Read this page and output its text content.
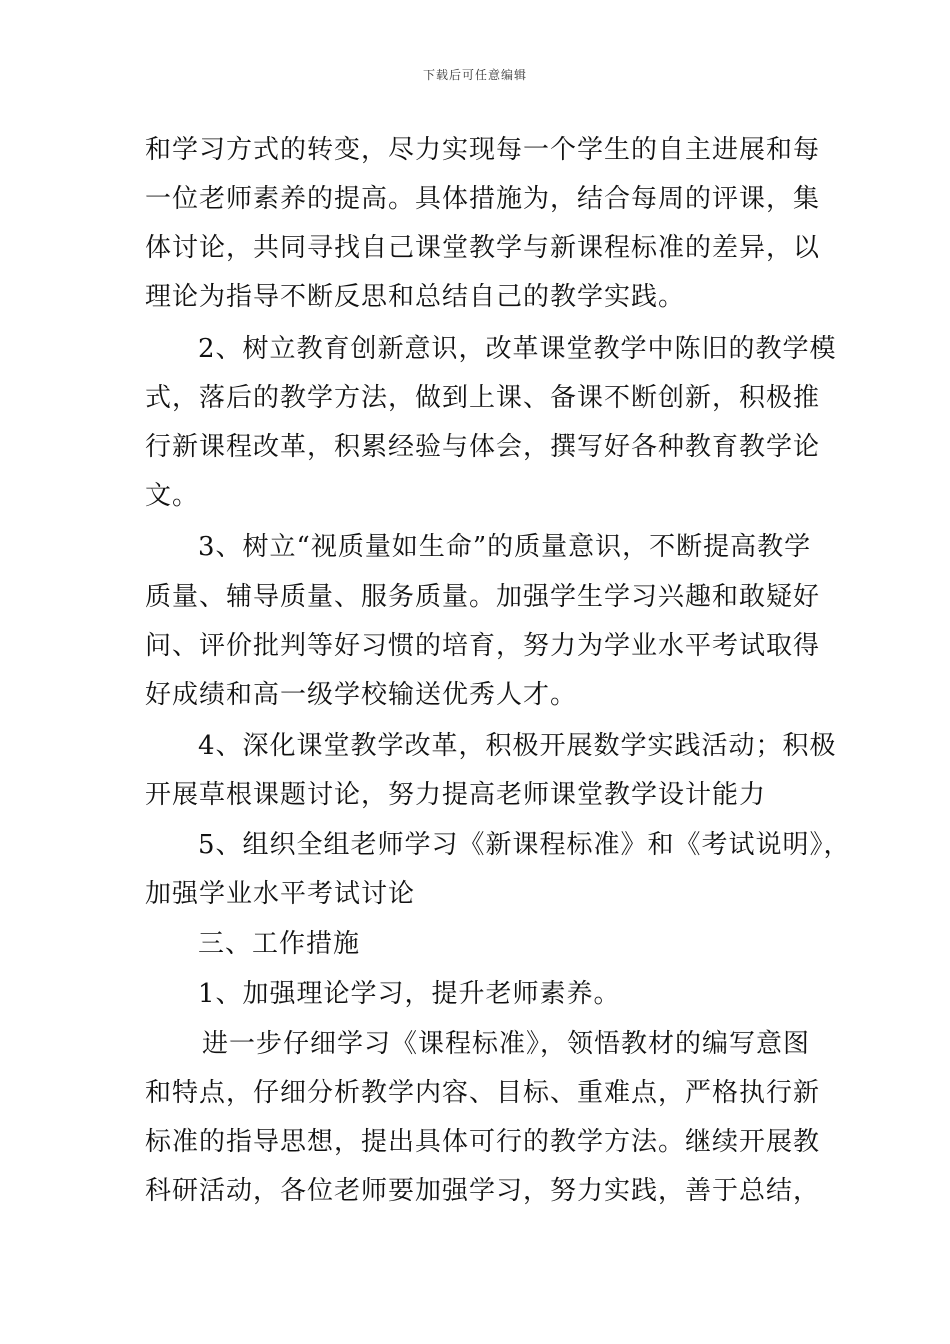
下载后可任意编辑
和学习方式的转变，尽力实现每一个学生的自主进展和每
一位老师素养的提高。具体措施为，结合每周的评课，集
体讨论，共同寻找自己课堂教学与新课程标准的差异，以
理论为指导不断反思和总结自己的教学实践。
2、树立教育创新意识，改革课堂教学中陈旧的教学模
式，落后的教学方法，做到上课、备课不断创新，积极推
行新课程改革，积累经验与体会，撰写好各种教育教学论
文。
3、树立“视质量如生命”的质量意识，不断提高教学
质量、辅导质量、服务质量。加强学生学习兴趣和敢疑好
问、评价批判等好习惯的培育，努力为学业水平考试取得
好成绩和高一级学校输送优秀人才。
4、深化课堂教学改革，积极开展数学实践活动；积极
开展草根课题讨论，努力提高老师课堂教学设计能力
5、组织全组老师学习《新课程标准》和《考试说明》，
加强学业水平考试讨论
三、工作措施
1、加强理论学习，提升老师素养。
进一步仔细学习《课程标准》，领悟教材的编写意图
和特点，仔细分析教学内容、目标、重难点，严格执行新
标准的指导思想，提出具体可行的教学方法。继续开展教
科研活动，各位老师要加强学习，努力实践，善于总结，
